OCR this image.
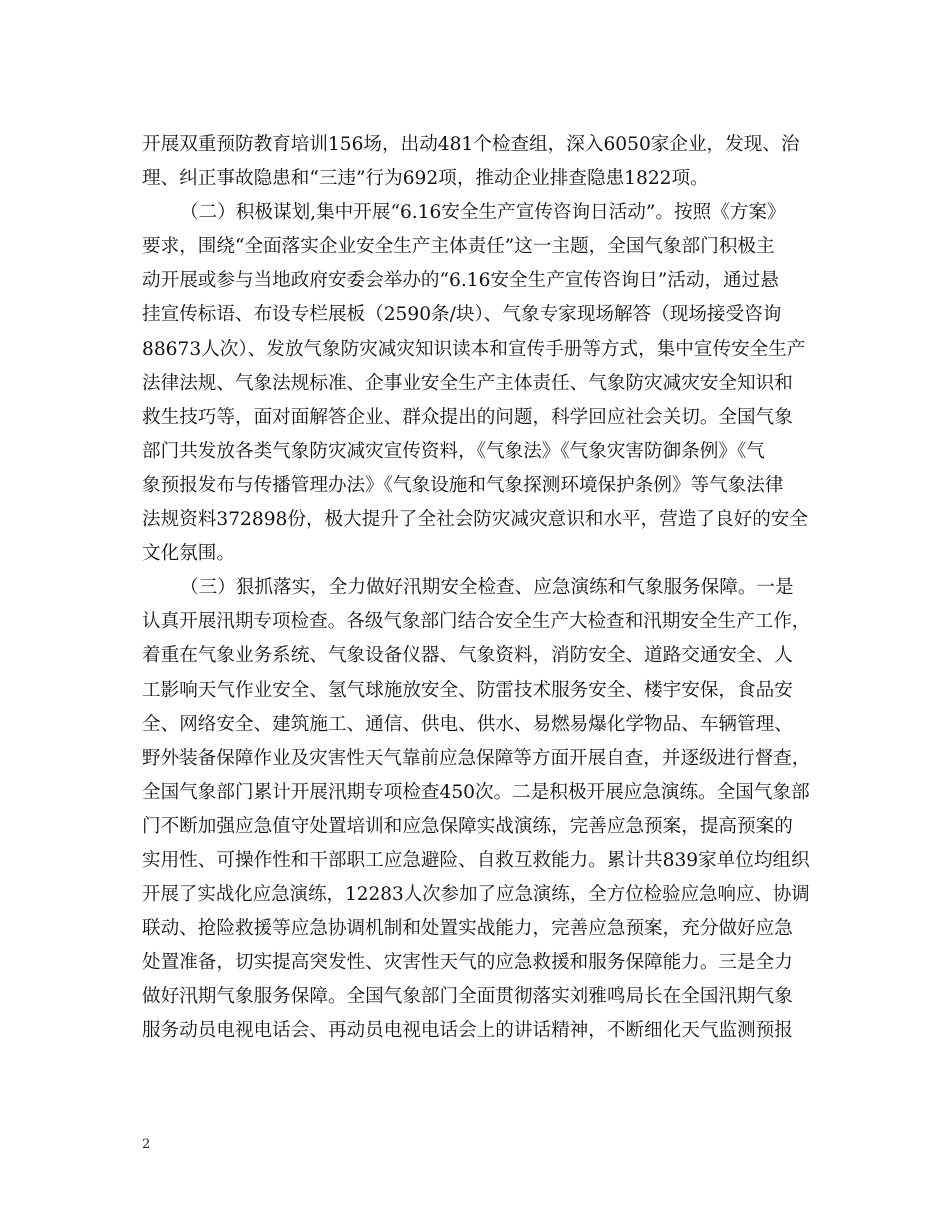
开展双重预防教育培训156场，出动481个检查组，深入6050家企业，发现、治
理、纠正事故隐患和“三违”行为692项，推动企业排查隐患1822项。
（二）积极谋划,集中开展“6.16安全生产宣传咨询日活动”。按照《方案》
要求，围绕“全面落实企业安全生产主体责任”这一主题，全国气象部门积极主
动开展或参与当地政府安委会举办的“6.16安全生产宣传咨询日”活动，通过悬
挂宣传标语、布设专栏展板（2590条/块）、气象专家现场解答（现场接受咨询
88673人次）、发放气象防灾减灾知识读本和宣传手册等方式，集中宣传安全生产
法律法规、气象法规标准、企事业安全生产主体责任、气象防灾减灾安全知识和
救生技巧等，面对面解答企业、群众提出的问题，科学回应社会关切。全国气象
部门共发放各类气象防灾减灾宣传资料，《气象法》《气象灾害防御条例》《气
象预报发布与传播管理办法》《气象设施和气象探测环境保护条例》等气象法律
法规资料372898份，极大提升了全社会防灾减灾意识和水平，营造了良好的安全
文化氛围。
（三）狠抓落实，全力做好汛期安全检查、应急演练和气象服务保障。一是
认真开展汛期专项检查。各级气象部门结合安全生产大检查和汛期安全生产工作，
着重在气象业务系统、气象设备仪器、气象资料，消防安全、道路交通安全、人
工影响天气作业安全、氢气球施放安全、防雷技术服务安全、楼宇安保，食品安
全、网络安全、建筑施工、通信、供电、供水、易燃易爆化学物品、车辆管理、
野外装备保障作业及灾害性天气靠前应急保障等方面开展自查，并逐级进行督查，
全国气象部门累计开展汛期专项检查450次。二是积极开展应急演练。全国气象部
门不断加强应急值守处置培训和应急保障实战演练，完善应急预案，提高预案的
实用性、可操作性和干部职工应急避险、自救互救能力。累计共839家单位均组织
开展了实战化应急演练，12283人次参加了应急演练，全方位检验应急响应、协调
联动、抢险救援等应急协调机制和处置实战能力，完善应急预案，充分做好应急
处置准备，切实提高突发性、灾害性天气的应急救援和服务保障能力。三是全力
做好汛期气象服务保障。全国气象部门全面贯彻落实刘雅鸣局长在全国汛期气象
服务动员电视电话会、再动员电视电话会上的讲话精神，不断细化天气监测预报
2
